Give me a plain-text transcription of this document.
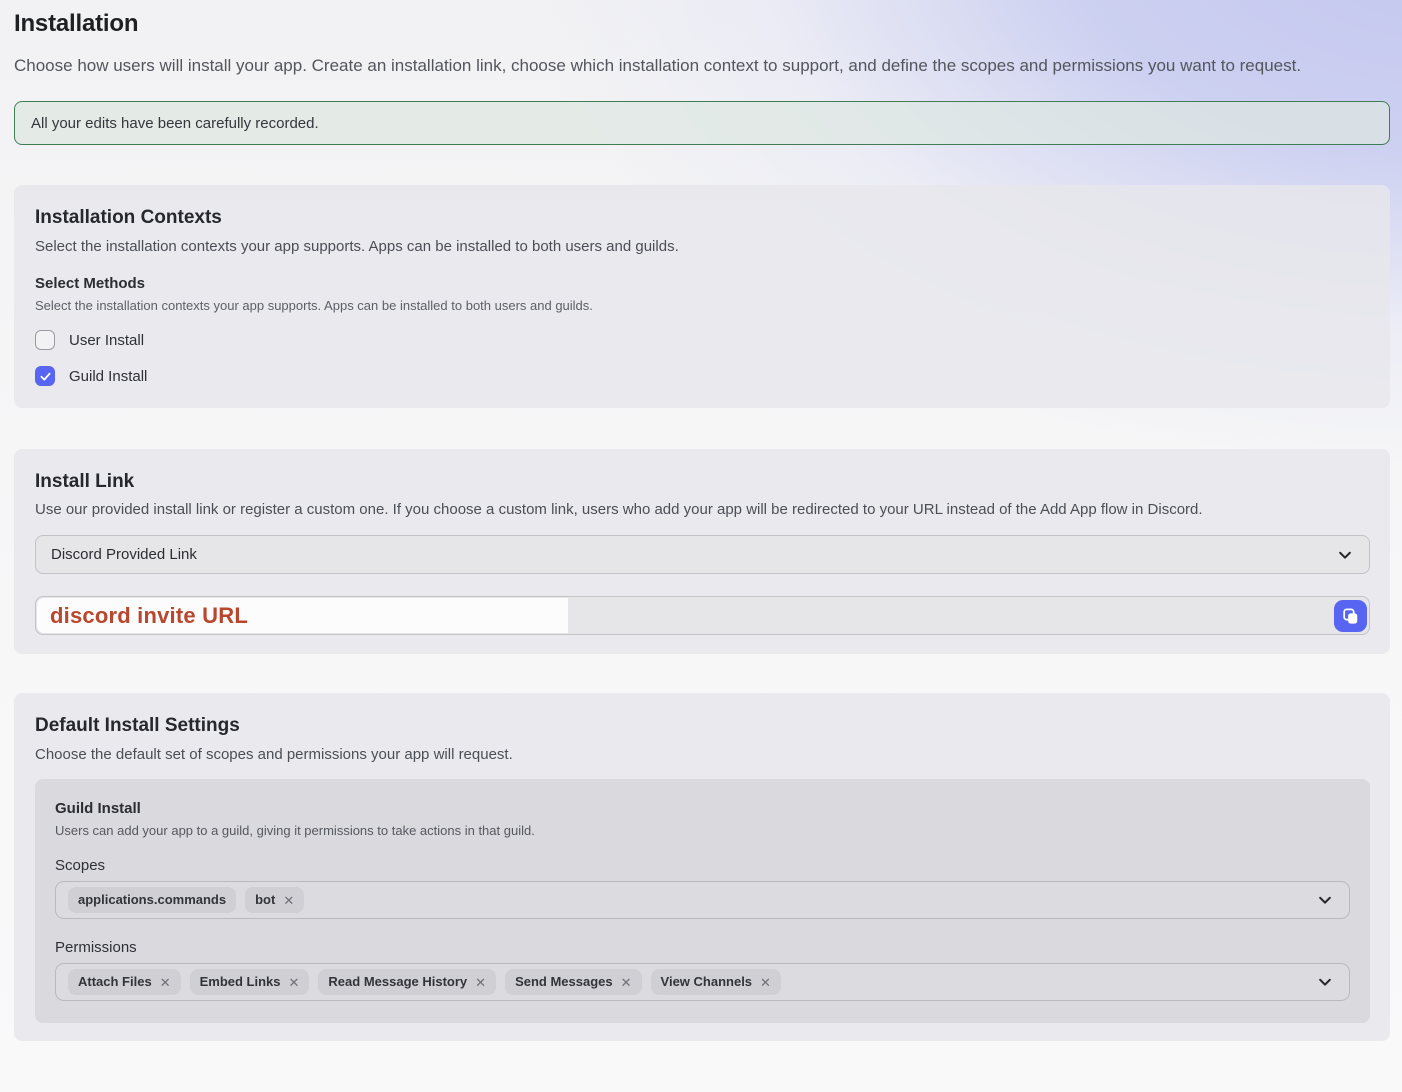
Installation

Choose how users will install your app. Create an installation link, choose which installation context to support, and define the scopes and permissions you want to request.

All your edits have been carefully recorded.
Installation Contexts

Select the installation contexts your app supports. Apps can be installed to both users and guilds.

Select Methods

Select the installation contexts your app supports. Apps can be installed to both users and guilds.

User Install
Guild Install
Install Link

Use our provided install link or register a custom one. If you choose a custom link, users who add your app will be redirected to your URL instead of the Add App flow in Discord.

Discord Provided Link
discord invite URL
Default Install Settings

Choose the default set of scopes and permissions your app will request.

Guild Install

Users can add your app to a guild, giving it permissions to take actions in that guild.

Scopes
applications.commands bot ✕
Permissions
Attach Files ✕ Embed Links ✕ Read Message History ✕ Send Messages ✕ View Channels ✕
